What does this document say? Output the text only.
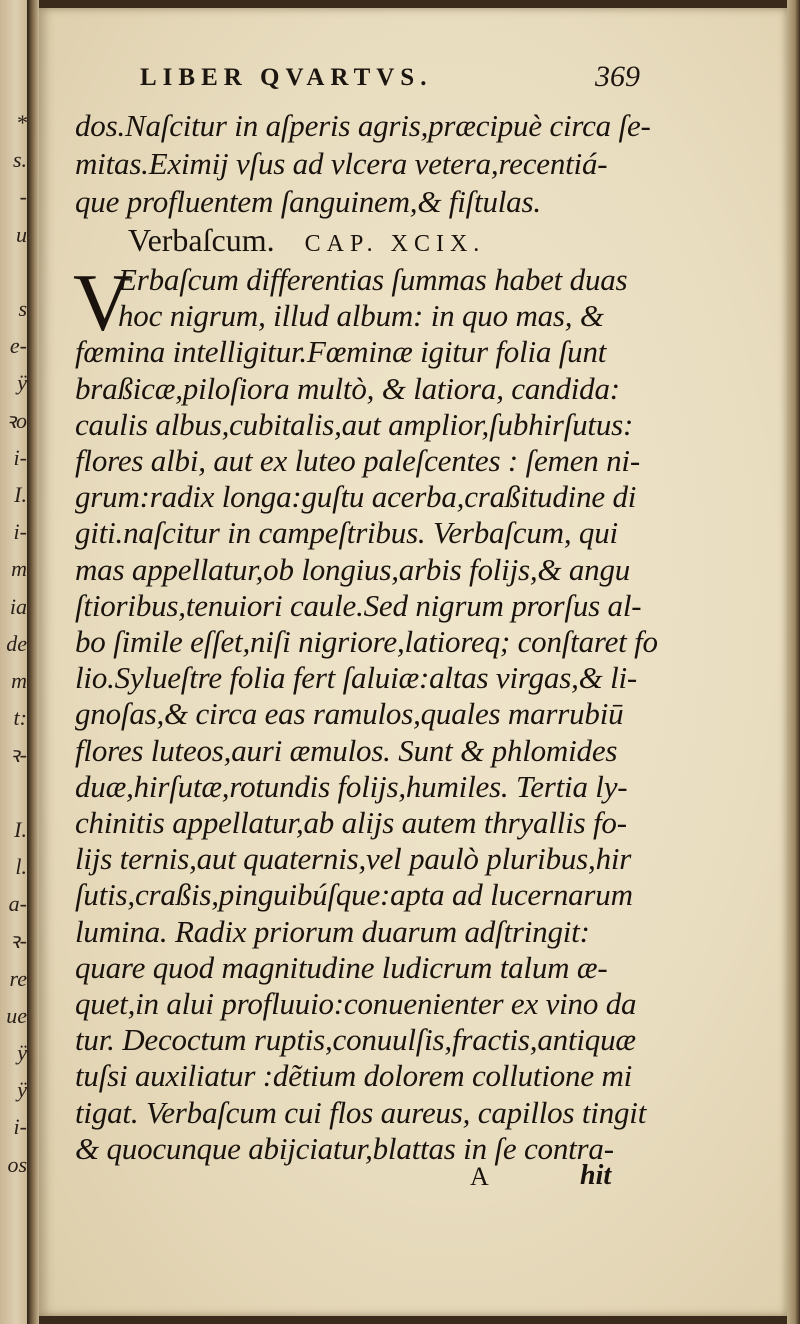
*
s.
-
u
s
e-
ÿ
ꝛo
i-
I.
i-
m
ia
de
m
t:
ꝛ-
I.
l.
a-
ꝛ-
re
ue
ÿ
ÿ
i-
os
LIBER QVARTVS.	369
dos.Naſcitur in aſperis agris,præcipuè circa ſe-
mitas.Eximij vſus ad vlcera vetera,recentiá-
que profluentem ſanguinem,& fiſtulas.
Verbaſcum. CAP. XCIX.
V
Erbaſcum differentias ſummas habet duas
hoc nigrum, illud album: in quo mas, &
fœmina intelligitur.Fœminæ igitur folia ſunt
braßicæ,piloſiora multò, & latiora, candida:
caulis albus,cubitalis,aut amplior,ſubhirſutus:
flores albi, aut ex luteo paleſcentes : ſemen ni-
grum:radix longa:guſtu acerba,craßitudine di
giti.naſcitur in campeſtribus. Verbaſcum, qui
mas appellatur,ob longius,arbis folijs,& angu
ſtioribus,tenuiori caule.Sed nigrum prorſus al-
bo ſimile eſſet,niſi nigriore,latioreq; conſtaret fo
lio.Sylueſtre folia fert ſaluiæ:altas virgas,& li-
gnoſas,& circa eas ramulos,quales marrubiū
flores luteos,auri æmulos. Sunt & phlomides
duæ,hirſutæ,rotundis folijs,humiles. Tertia ly-
chinitis appellatur,ab alijs autem thryallis fo-
lijs ternis,aut quaternis,vel paulò pluribus,hir
ſutis,craßis,pinguibúſque:apta ad lucernarum
lumina. Radix priorum duarum adſtringit:
quare quod magnitudine ludicrum talum æ-
quet,in alui profluuio:conuenienter ex vino da
tur. Decoctum ruptis,conuulſis,fractis,antiquæ
tuſsi auxiliatur :dẽtium dolorem collutione mi
tigat. Verbaſcum cui flos aureus, capillos tingit
& quocunque abijciatur,blattas in ſe contra-
A	hit
